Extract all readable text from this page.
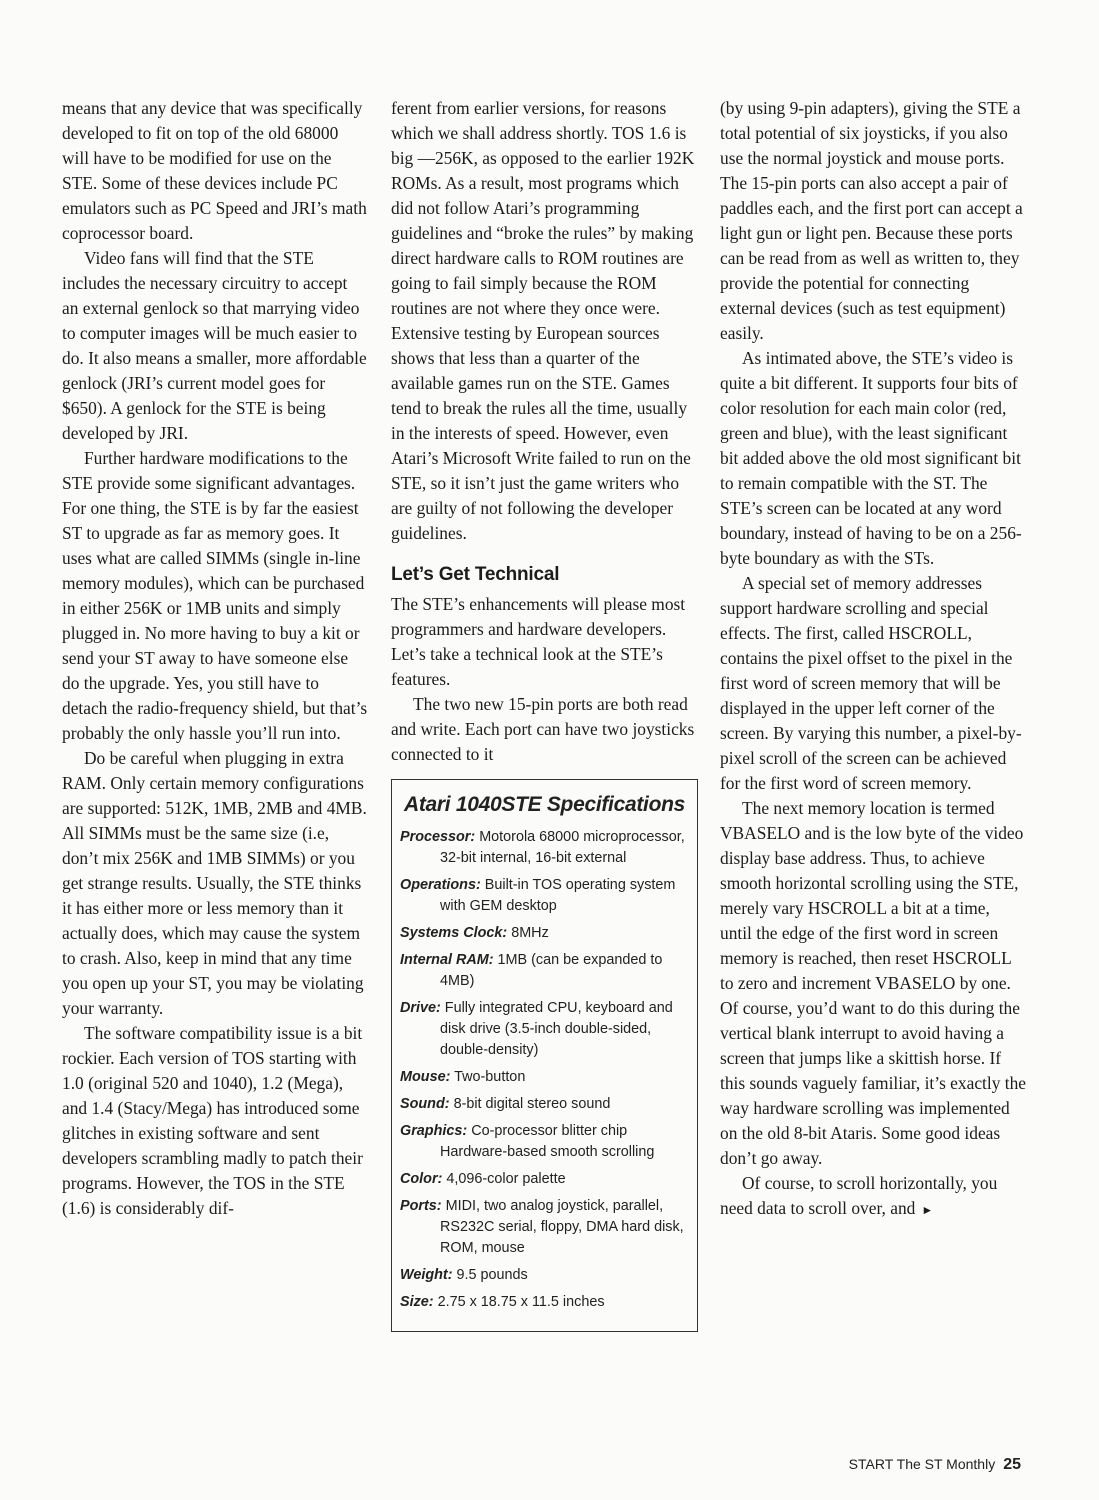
means that any device that was specifically developed to fit on top of the old 68000 will have to be modified for use on the STE. Some of these devices include PC emulators such as PC Speed and JRI’s math coprocessor board.

Video fans will find that the STE includes the necessary circuitry to accept an external genlock so that marrying video to computer images will be much easier to do. It also means a smaller, more affordable genlock (JRI’s current model goes for $650). A genlock for the STE is being developed by JRI.

Further hardware modifications to the STE provide some significant advantages. For one thing, the STE is by far the easiest ST to upgrade as far as memory goes. It uses what are called SIMMs (single in-line memory modules), which can be purchased in either 256K or 1MB units and simply plugged in. No more having to buy a kit or send your ST away to have someone else do the upgrade. Yes, you still have to detach the radio-frequency shield, but that’s probably the only hassle you’ll run into.

Do be careful when plugging in extra RAM. Only certain memory configurations are supported: 512K, 1MB, 2MB and 4MB. All SIMMs must be the same size (i.e, don’t mix 256K and 1MB SIMMs) or you get strange results. Usually, the STE thinks it has either more or less memory than it actually does, which may cause the system to crash. Also, keep in mind that any time you open up your ST, you may be violating your warranty.

The software compatibility issue is a bit rockier. Each version of TOS starting with 1.0 (original 520 and 1040), 1.2 (Mega), and 1.4 (Stacy/Mega) has introduced some glitches in existing software and sent developers scrambling madly to patch their programs. However, the TOS in the STE (1.6) is considerably dif-

ferent from earlier versions, for reasons which we shall address shortly. TOS 1.6 is big —256K, as opposed to the earlier 192K ROMs. As a result, most programs which did not follow Atari’s programming guidelines and “broke the rules” by making direct hardware calls to ROM routines are going to fail simply because the ROM routines are not where they once were. Extensive testing by European sources shows that less than a quarter of the available games run on the STE. Games tend to break the rules all the time, usually in the interests of speed. However, even Atari’s Microsoft Write failed to run on the STE, so it isn’t just the game writers who are guilty of not following the developer guidelines.

Let’s Get Technical

The STE’s enhancements will please most programmers and hardware developers. Let’s take a technical look at the STE’s features.

The two new 15-pin ports are both read and write. Each port can have two joysticks connected to it

Atari 1040STE Specifications
Processor: Motorola 68000 microprocessor, 32-bit internal, 16-bit external
Operations: Built-in TOS operating system with GEM desktop
Systems Clock: 8MHz
Internal RAM: 1MB (can be expanded to 4MB)
Drive: Fully integrated CPU, keyboard and disk drive (3.5-inch double-sided, double-density)
Mouse: Two-button
Sound: 8-bit digital stereo sound
Graphics: Co-processor blitter chip Hardware-based smooth scrolling
Color: 4,096-color palette
Ports: MIDI, two analog joystick, parallel, RS232C serial, floppy, DMA hard disk, ROM, mouse
Weight: 9.5 pounds
Size: 2.75 x 18.75 x 11.5 inches

(by using 9-pin adapters), giving the STE a total potential of six joysticks, if you also use the normal joystick and mouse ports. The 15-pin ports can also accept a pair of paddles each, and the first port can accept a light gun or light pen. Because these ports can be read from as well as written to, they provide the potential for connecting external devices (such as test equipment) easily.

As intimated above, the STE’s video is quite a bit different. It supports four bits of color resolution for each main color (red, green and blue), with the least significant bit added above the old most significant bit to remain compatible with the ST. The STE’s screen can be located at any word boundary, instead of having to be on a 256-byte boundary as with the STs.

A special set of memory addresses support hardware scrolling and special effects. The first, called HSCROLL, contains the pixel offset to the pixel in the first word of screen memory that will be displayed in the upper left corner of the screen. By varying this number, a pixel-by-pixel scroll of the screen can be achieved for the first word of screen memory.

The next memory location is termed VBASELO and is the low byte of the video display base address. Thus, to achieve smooth horizontal scrolling using the STE, merely vary HSCROLL a bit at a time, until the edge of the first word in screen memory is reached, then reset HSCROLL to zero and increment VBASELO by one. Of course, you’d want to do this during the vertical blank interrupt to avoid having a screen that jumps like a skittish horse. If this sounds vaguely familiar, it’s exactly the way hardware scrolling was implemented on the old 8-bit Ataris. Some good ideas don’t go away.

Of course, to scroll horizontally, you need data to scroll over, and ►

START The ST Monthly 25
